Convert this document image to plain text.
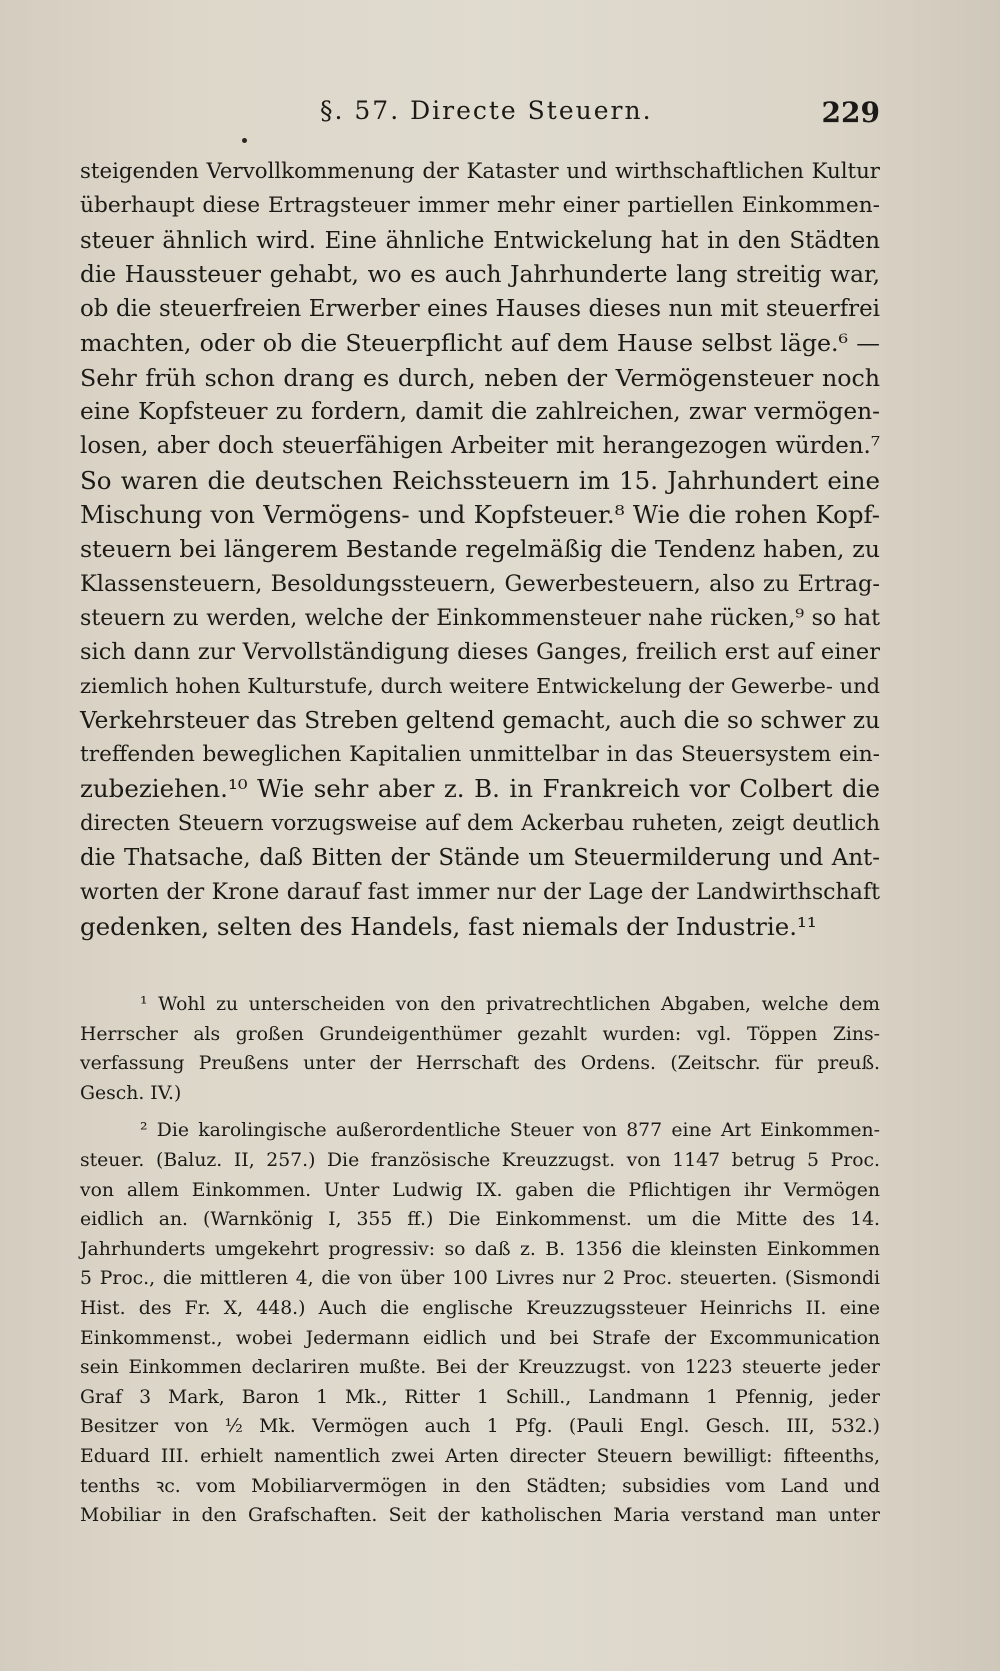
§. 57. Directe Steuern.	229
steigenden Vervollkommenung der Kataster und wirthschaftlichen Kultur
überhaupt diese Ertragsteuer immer mehr einer partiellen Einkommen-
steuer ähnlich wird. Eine ähnliche Entwickelung hat in den Städten
die Haussteuer gehabt, wo es auch Jahrhunderte lang streitig war,
ob die steuerfreien Erwerber eines Hauses dieses nun mit steuerfrei
machten, oder ob die Steuerpflicht auf dem Hause selbst läge.⁶ —
Sehr früh schon drang es durch, neben der Vermögensteuer noch
eine Kopfsteuer zu fordern, damit die zahlreichen, zwar vermögen-
losen, aber doch steuerfähigen Arbeiter mit herangezogen würden.⁷
So waren die deutschen Reichssteuern im 15. Jahrhundert eine
Mischung von Vermögens- und Kopfsteuer.⁸ Wie die rohen Kopf-
steuern bei längerem Bestande regelmäßig die Tendenz haben, zu
Klassensteuern, Besoldungssteuern, Gewerbesteuern, also zu Ertrag-
steuern zu werden, welche der Einkommensteuer nahe rücken,⁹ so hat
sich dann zur Vervollständigung dieses Ganges, freilich erst auf einer
ziemlich hohen Kulturstufe, durch weitere Entwickelung der Gewerbe- und
Verkehrsteuer das Streben geltend gemacht, auch die so schwer zu
treffenden beweglichen Kapitalien unmittelbar in das Steuersystem ein-
zubeziehen.¹⁰ Wie sehr aber z. B. in Frankreich vor Colbert die
directen Steuern vorzugsweise auf dem Ackerbau ruheten, zeigt deutlich
die Thatsache, daß Bitten der Stände um Steuermilderung und Ant-
worten der Krone darauf fast immer nur der Lage der Landwirthschaft
gedenken, selten des Handels, fast niemals der Industrie.¹¹
¹ Wohl zu unterscheiden von den privatrechtlichen Abgaben, welche dem
Herrscher als großen Grundeigenthümer gezahlt wurden: vgl. Töppen Zins-
verfassung Preußens unter der Herrschaft des Ordens. (Zeitschr. für preuß.
Gesch. IV.)
² Die karolingische außerordentliche Steuer von 877 eine Art Einkommen-
steuer. (Baluz. II, 257.) Die französische Kreuzzugst. von 1147 betrug 5 Proc.
von allem Einkommen. Unter Ludwig IX. gaben die Pflichtigen ihr Vermögen
eidlich an. (Warnkönig I, 355 ff.) Die Einkommenst. um die Mitte des 14.
Jahrhunderts umgekehrt progressiv: so daß z. B. 1356 die kleinsten Einkommen
5 Proc., die mittleren 4, die von über 100 Livres nur 2 Proc. steuerten. (Sismondi
Hist. des Fr. X, 448.) Auch die englische Kreuzzugssteuer Heinrichs II. eine
Einkommenst., wobei Jedermann eidlich und bei Strafe der Excommunication
sein Einkommen declariren mußte. Bei der Kreuzzugst. von 1223 steuerte jeder
Graf 3 Mark, Baron 1 Mk., Ritter 1 Schill., Landmann 1 Pfennig, jeder
Besitzer von ½ Mk. Vermögen auch 1 Pfg. (Pauli Engl. Gesch. III, 532.)
Eduard III. erhielt namentlich zwei Arten directer Steuern bewilligt: fifteenths,
tenths ꝛc. vom Mobiliarvermögen in den Städten; subsidies vom Land und
Mobiliar in den Grafschaften. Seit der katholischen Maria verstand man unter
